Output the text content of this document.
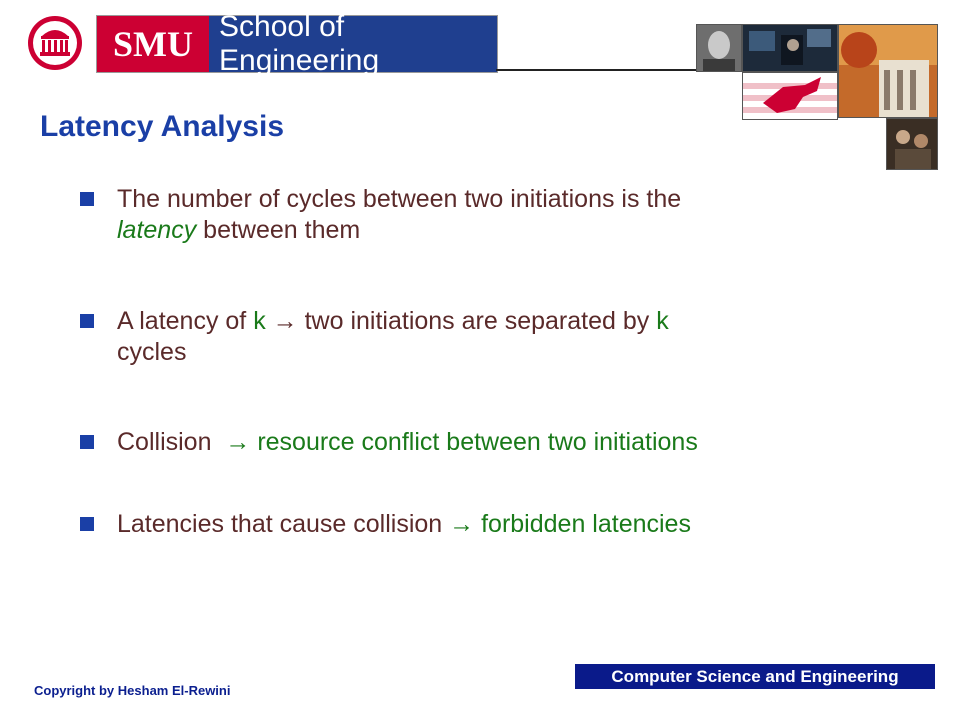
SMU School of Engineering
Latency Analysis
The number of cycles between two initiations is the
latency between them
A latency of k → two initiations are separated by k
cycles
Collision  → resource conflict between two initiations
Latencies that cause collision → forbidden latencies
Copyright by Hesham El-Rewini
Computer Science and Engineering
